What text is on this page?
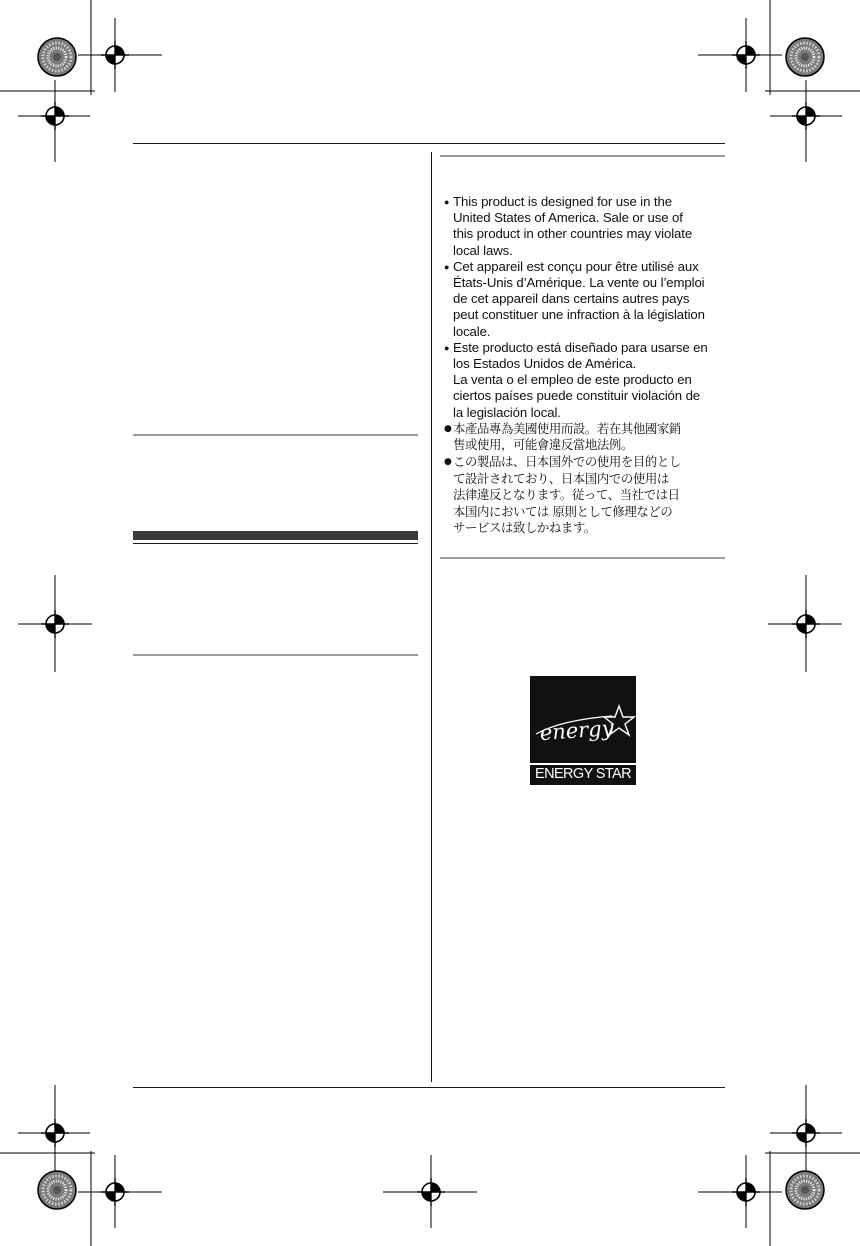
● This product is designed for use in the
United States of America. Sale or use of
this product in other countries may violate
local laws.

● Cet appareil est conçu pour être utilisé aux
États-Unis d’Amérique. La vente ou l’emploi
de cet appareil dans certains autres pays
peut constituer une infraction à la législation
locale.

● Este producto está diseñado para usarse en
los Estados Unidos de América.
La venta o el empleo de este producto en
ciertos países puede constituir violación de
la legislación local.

● 本產品專為美國使用而設。若在其他國家銷
售或使用，可能會違反當地法例。

● この製品は、日本国外での使用を目的とし
て設計されており、日本国内での使用は
法律違反となります。従って、当社では日
本国内においては 原則として修理などの
サービスは致しかねます。

energy
ENERGY STAR
